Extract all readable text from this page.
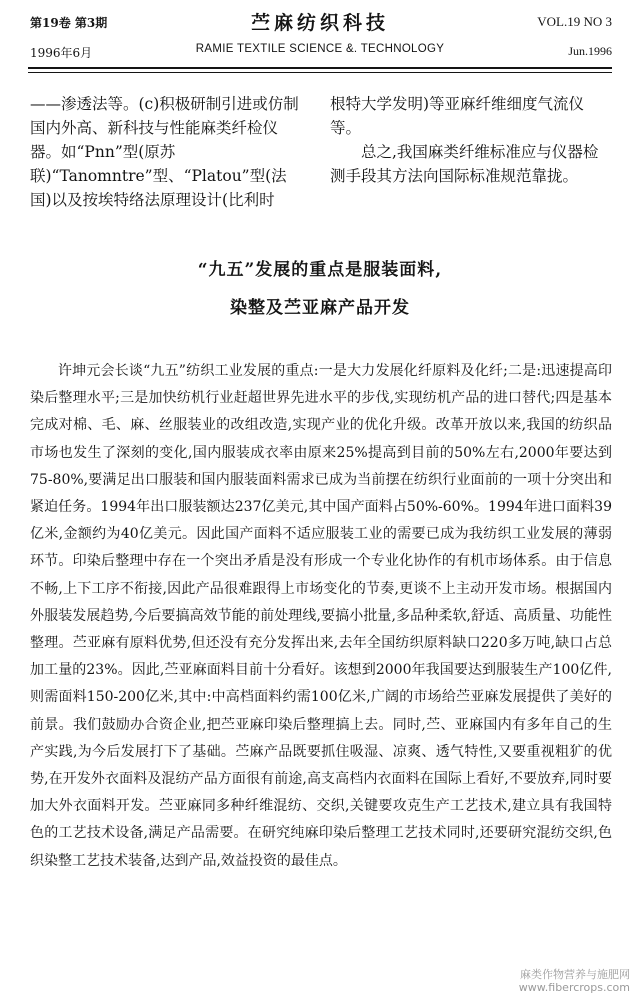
第19卷 第3期
1996年6月
苎麻纺织科技
RAMIE TEXTILE SCIENCE &. TECHNOLOGY
VOL.19 NO 3
Jun.1996

——渗透法等。(c)积极研制引进或仿制国内外高、新科技与性能麻类纤检仪器。如“Pnn”型(原苏联)“Tanomntre”型、“Platou”型(法国)以及按埃特络法原理设计(比利时

根特大学发明)等亚麻纤维细度气流仪等。

总之,我国麻类纤维标准应与仪器检测手段其方法向国际标准规范靠拢。

“九五”发展的重点是服装面料,
染整及苎亚麻产品开发

许坤元会长谈“九五”纺织工业发展的重点:一是大力发展化纤原料及化纤;二是:迅速提高印染后整理水平;三是加快纺机行业赶超世界先进水平的步伐,实现纺机产品的进口替代;四是基本完成对棉、毛、麻、丝服装业的改组改造,实现产业的优化升级。改革开放以来,我国的纺织品市场也发生了深刻的变化,国内服装成衣率由原来25%提高到目前的50%左右,2000年要达到75-80%,要满足出口服装和国内服装面料需求已成为当前摆在纺织行业面前的一项十分突出和紧迫任务。1994年出口服装额达237亿美元,其中国产面料占50%-60%。1994年进口面料39亿米,金额约为40亿美元。因此国产面料不适应服装工业的需要已成为我纺织工业发展的薄弱环节。印染后整理中存在一个突出矛盾是没有形成一个专业化协作的有机市场体系。由于信息不畅,上下工序不衔接,因此产品很难跟得上市场变化的节奏,更谈不上主动开发市场。根据国内外服装发展趋势,今后要搞高效节能的前处理线,要搞小批量,多品种柔软,舒适、高质量、功能性整理。苎亚麻有原料优势,但还没有充分发挥出来,去年全国纺织原料缺口220多万吨,缺口占总加工量的23%。因此,苎亚麻面料目前十分看好。该想到2000年我国要达到服装生产100亿件,则需面料150-200亿米,其中:中高档面料约需100亿米,广阔的市场给苎亚麻发展提供了美好的前景。我们鼓励办合资企业,把苎亚麻印染后整理搞上去。同时,苎、亚麻国内有多年自己的生产实践,为今后发展打下了基础。苎麻产品既要抓住吸湿、凉爽、透气特性,又要重视粗犷的优势,在开发外衣面料及混纺产品方面很有前途,高支高档内衣面料在国际上看好,不要放弃,同时要加大外衣面料开发。苎亚麻同多种纤维混纺、交织,关键要攻克生产工艺技术,建立具有我国特色的工艺技术设备,满足产品需要。在研究纯麻印染后整理工艺技术同时,还要研究混纺交织,色织染整工艺技术装备,达到产品,效益投资的最佳点。

麻类作物营养与施肥网
www.fibercrops.com
